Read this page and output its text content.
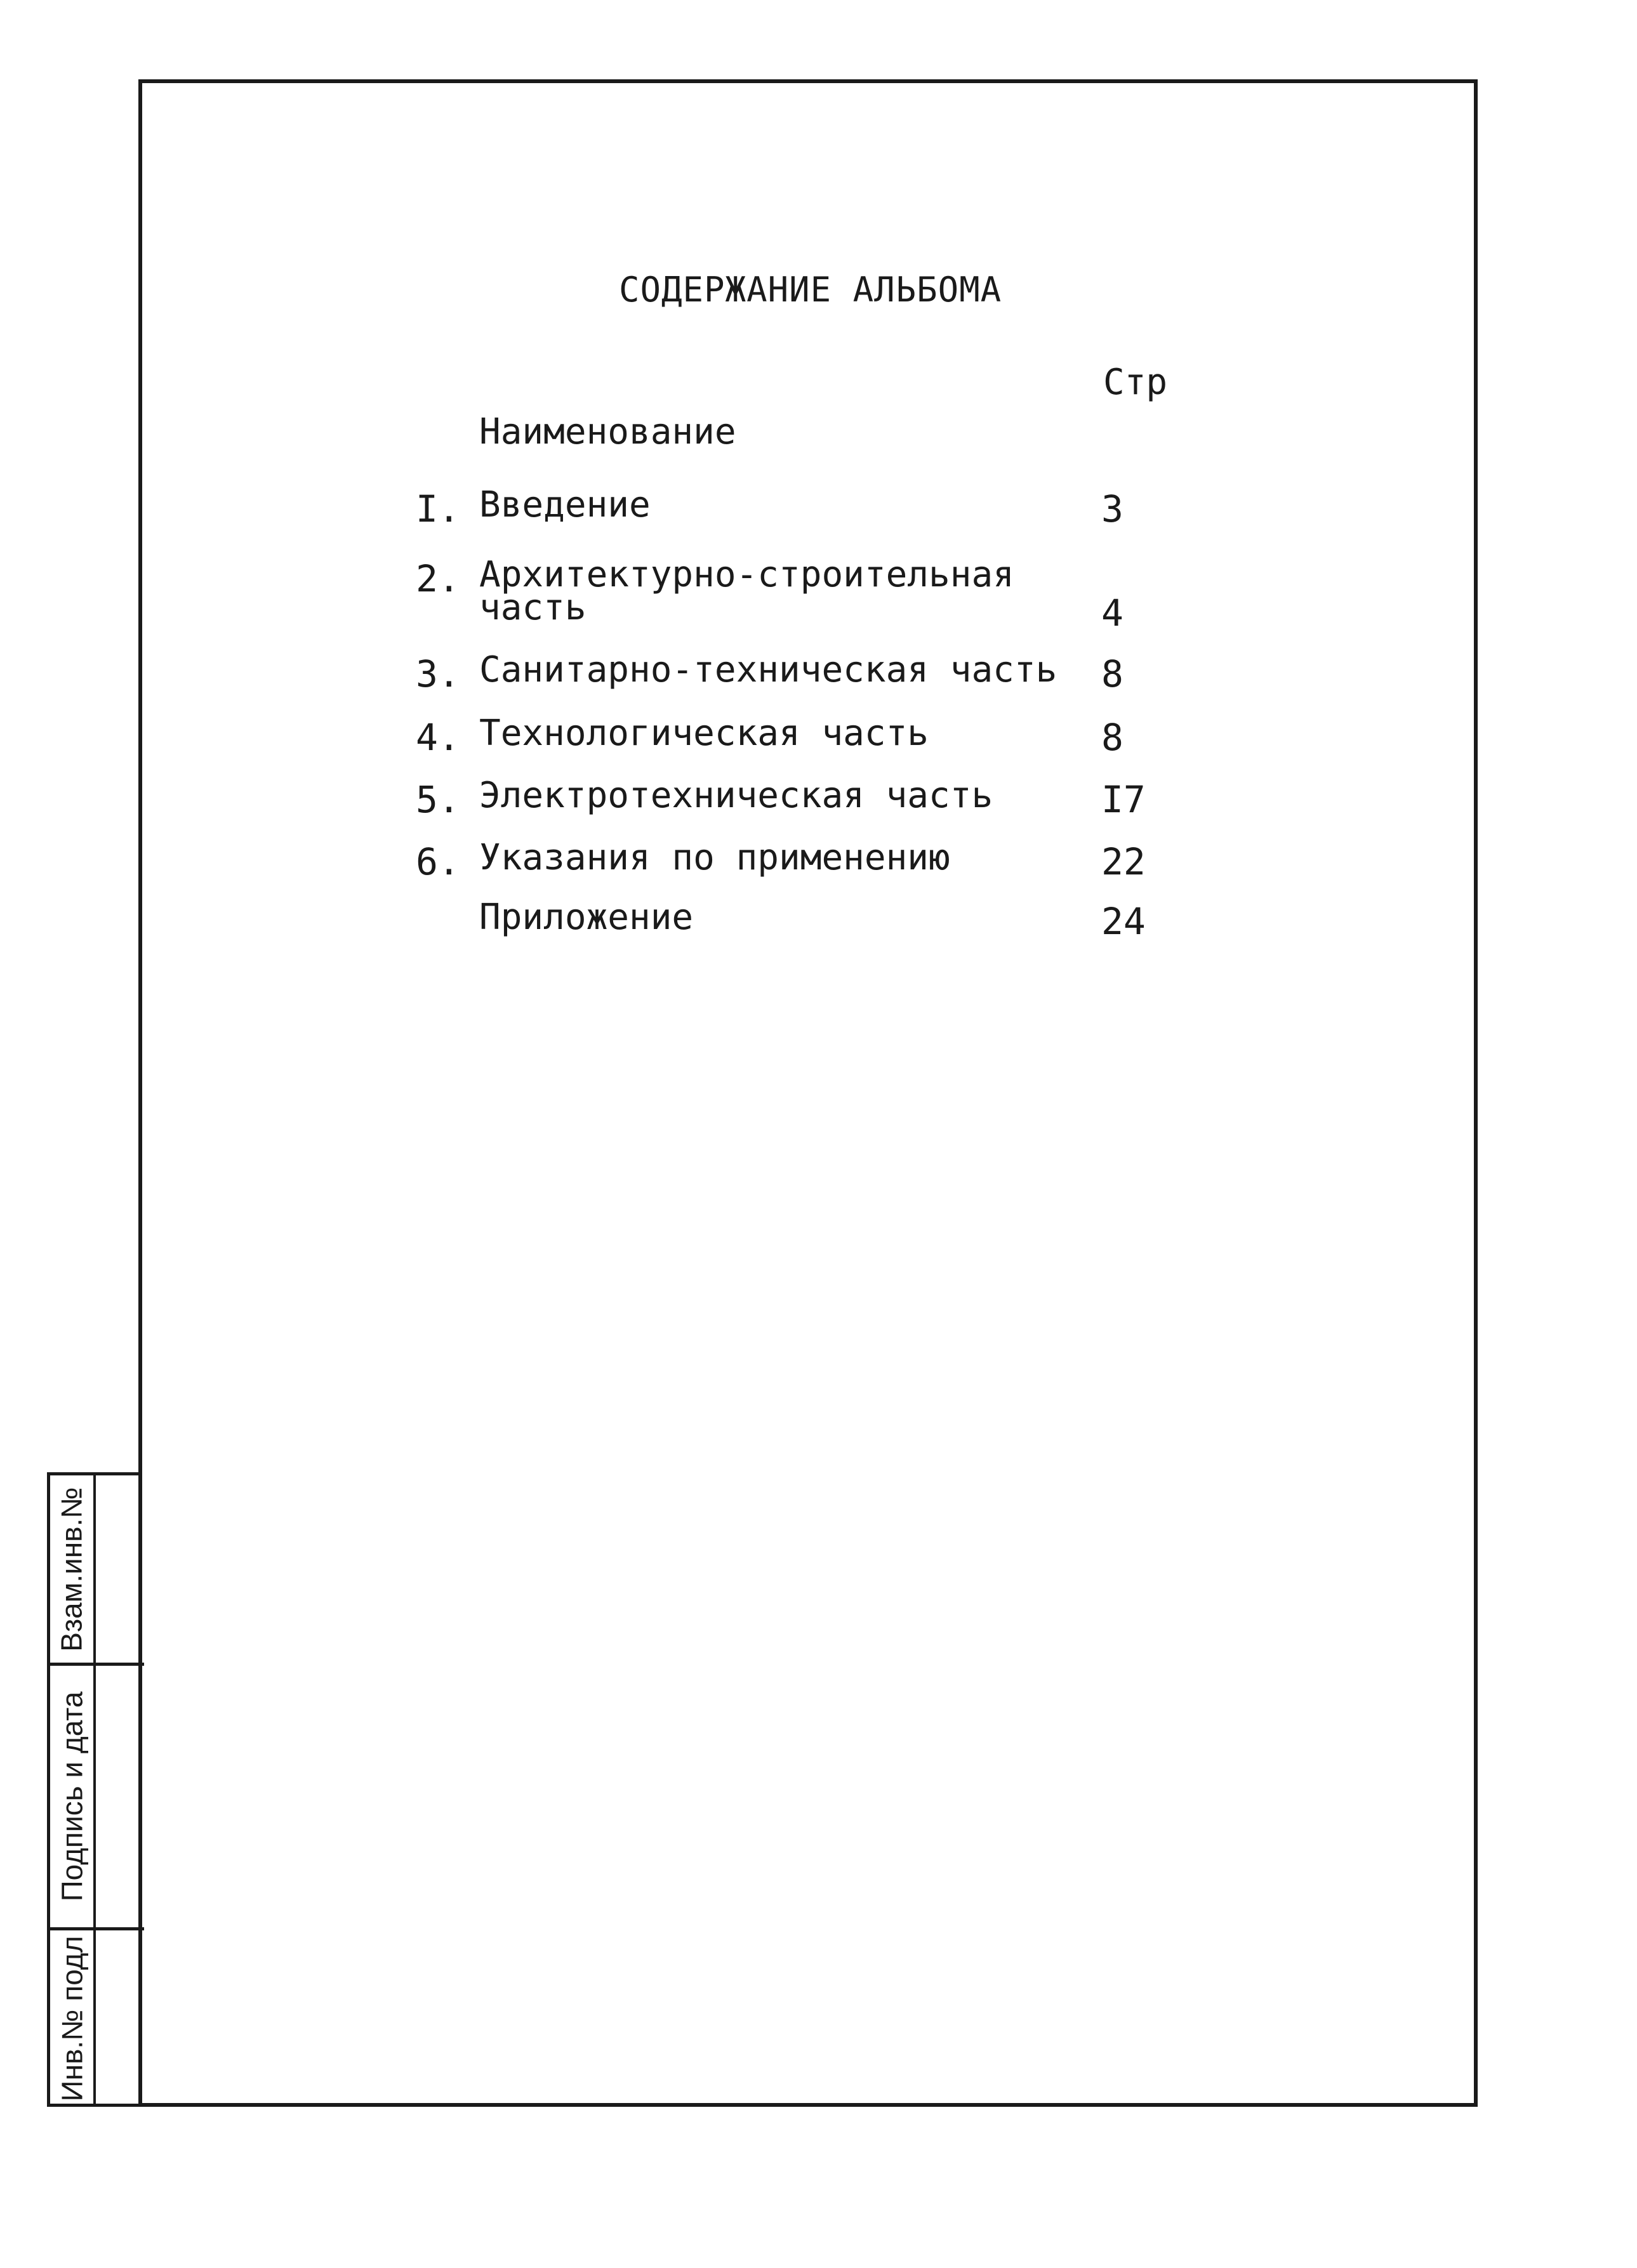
СОДЕРЖАНИЕ АЛЬБОМА
Стр
Наименование
I. Введение	3
2. Архитектурно-строительная
часть	4
3. Санитарно-техническая часть 8
4. Технологическая часть	8
5. Электротехническая часть	I7
6. Указания по применению	22
Приложение	24
Взам.инв.№
Подпись и дата
Инв.№ подл
